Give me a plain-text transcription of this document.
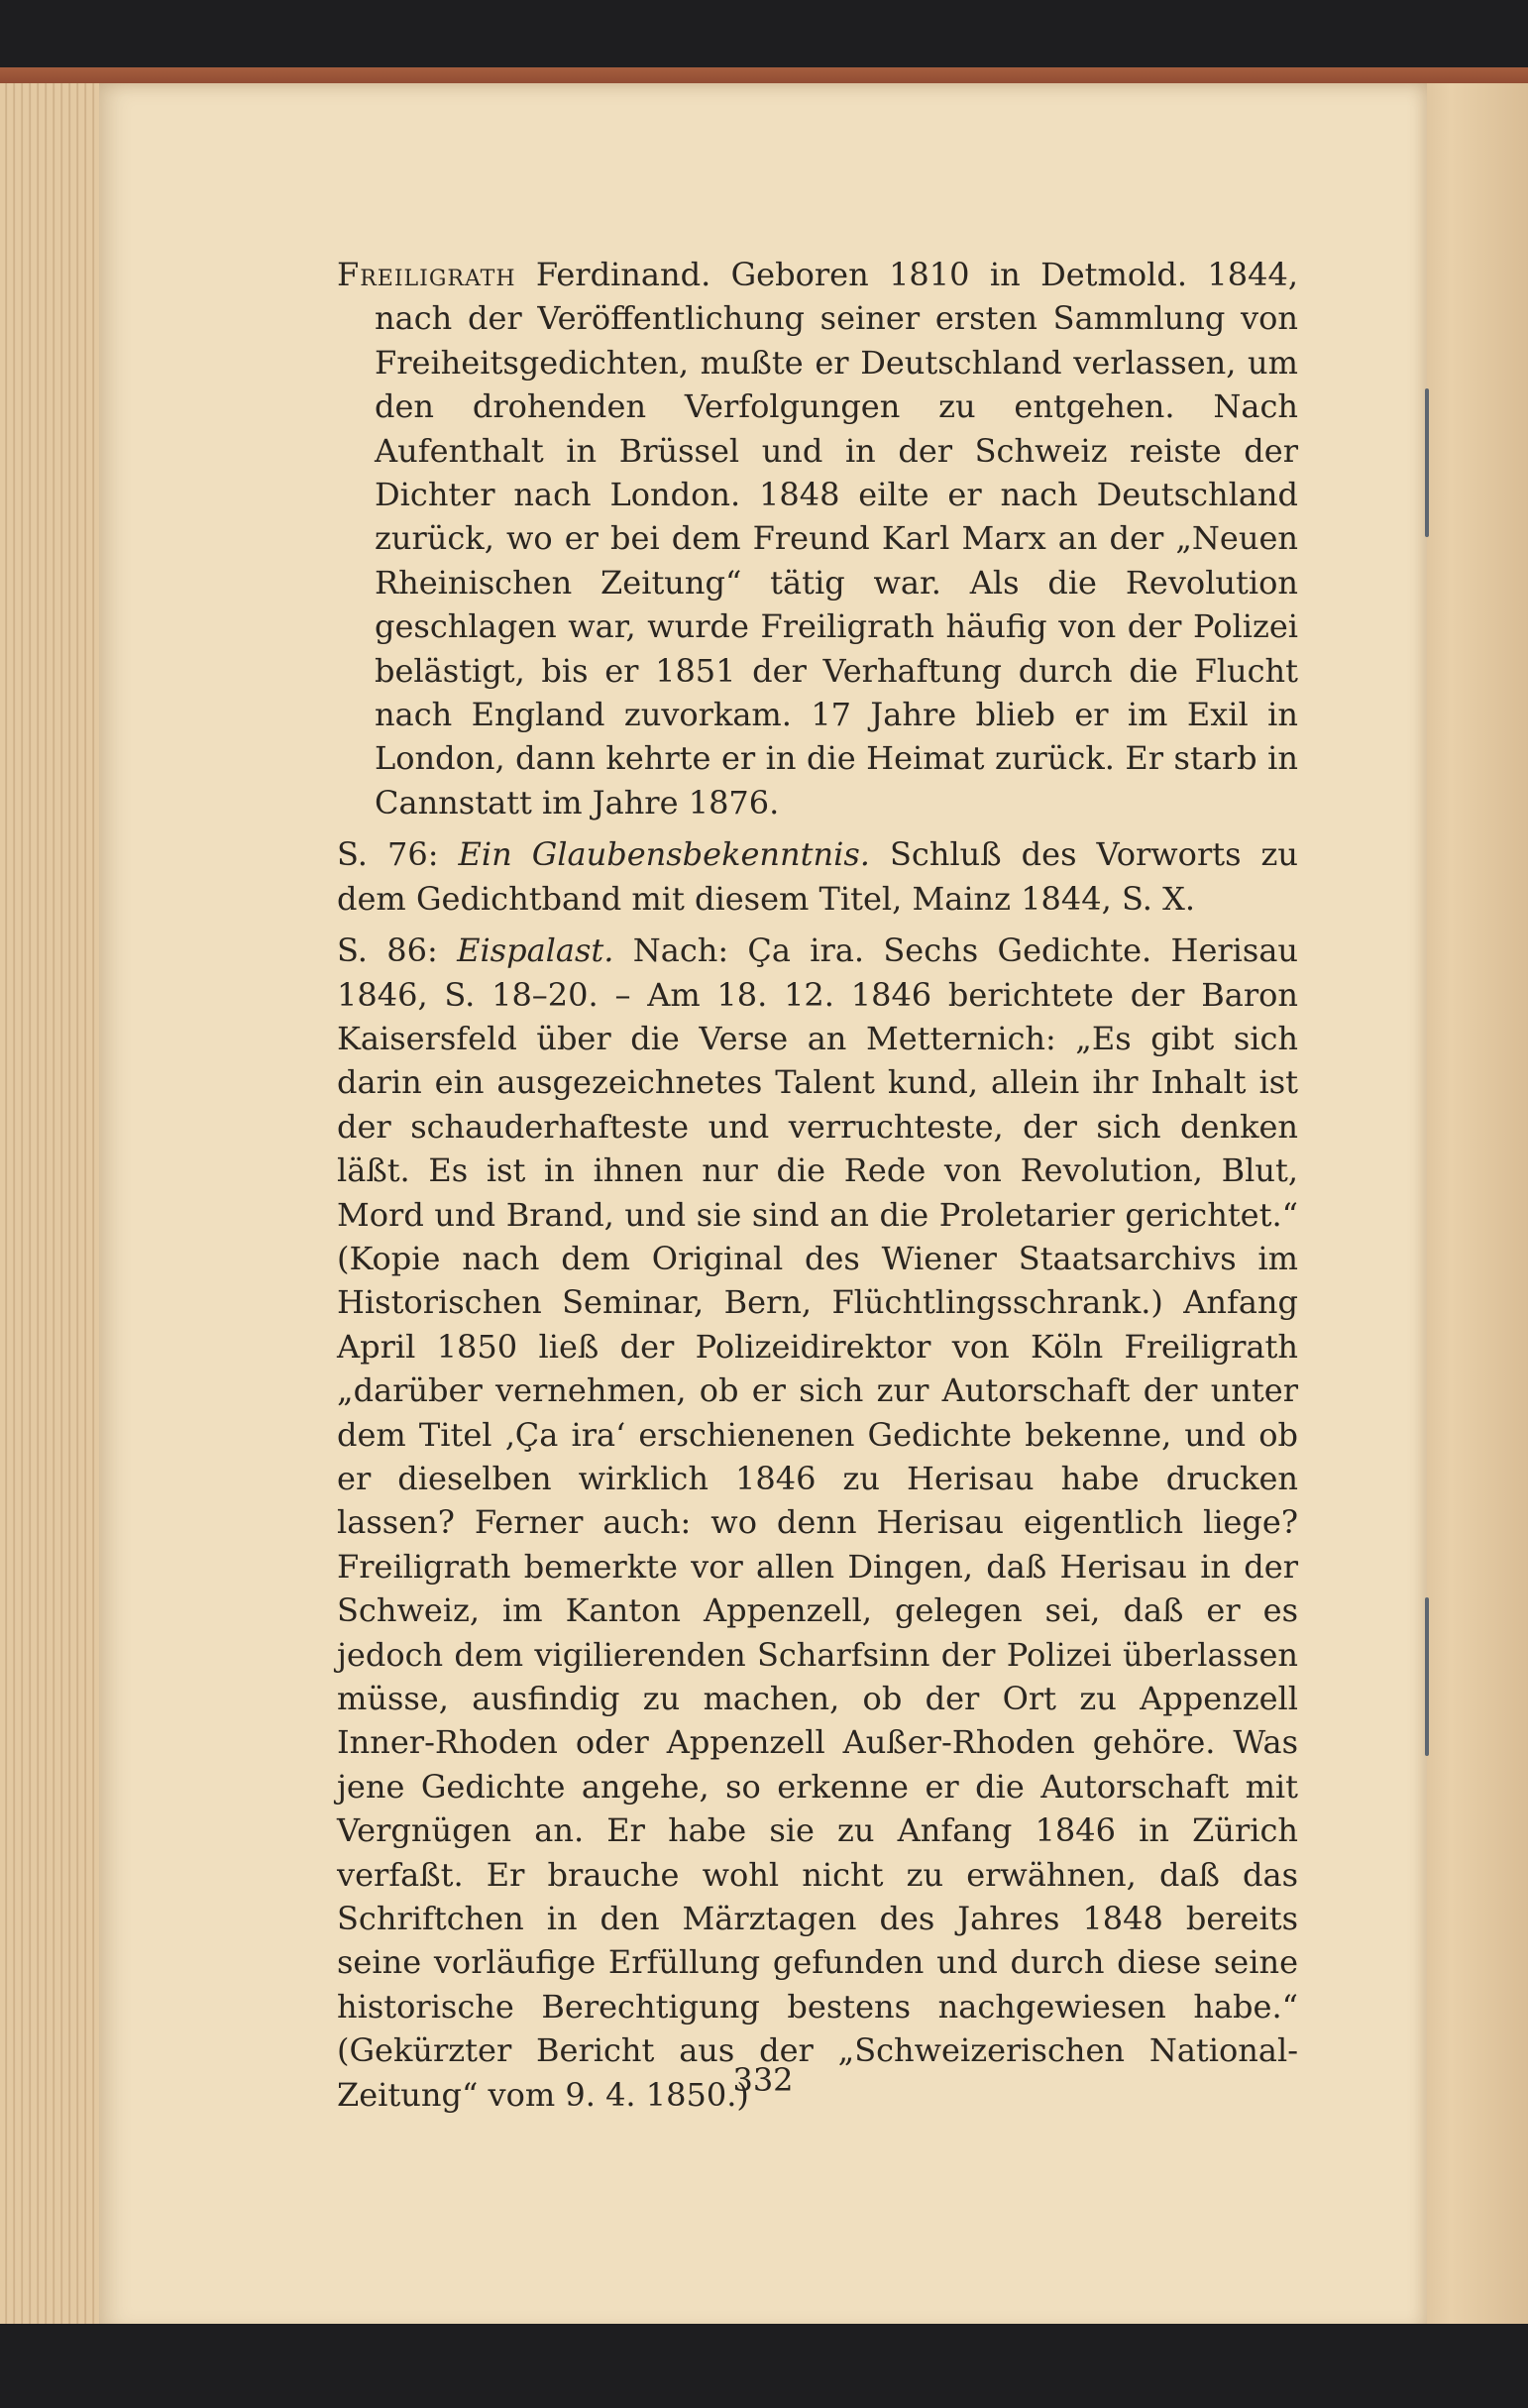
Freiligrath Ferdinand. Geboren 1810 in Detmold. 1844, nach der Veröffentlichung seiner ersten Sammlung von Freiheitsgedichten, mußte er Deutschland verlassen, um den drohenden Verfolgungen zu entgehen. Nach Aufenthalt in Brüssel und in der Schweiz reiste der Dichter nach London. 1848 eilte er nach Deutschland zurück, wo er bei dem Freund Karl Marx an der „Neuen Rheinischen Zeitung“ tätig war. Als die Revolution geschlagen war, wurde Freiligrath häufig von der Polizei belästigt, bis er 1851 der Verhaftung durch die Flucht nach England zuvorkam. 17 Jahre blieb er im Exil in London, dann kehrte er in die Heimat zurück. Er starb in Cannstatt im Jahre 1876.

S. 76: Ein Glaubensbekenntnis. Schluß des Vorworts zu dem Gedichtband mit diesem Titel, Mainz 1844, S. X.

S. 86: Eispalast. Nach: Ça ira. Sechs Gedichte. Herisau 1846, S. 18–20. – Am 18. 12. 1846 berichtete der Baron Kaisersfeld über die Verse an Metternich: „Es gibt sich darin ein ausgezeichnetes Talent kund, allein ihr Inhalt ist der schauderhafteste und verruchteste, der sich denken läßt. Es ist in ihnen nur die Rede von Revolution, Blut, Mord und Brand, und sie sind an die Proletarier gerichtet.“ (Kopie nach dem Original des Wiener Staatsarchivs im Historischen Seminar, Bern, Flüchtlingsschrank.) Anfang April 1850 ließ der Polizeidirektor von Köln Freiligrath „darüber vernehmen, ob er sich zur Autorschaft der unter dem Titel ‚Ça ira‘ erschienenen Gedichte bekenne, und ob er dieselben wirklich 1846 zu Herisau habe drucken lassen? Ferner auch: wo denn Herisau eigentlich liege? Freiligrath bemerkte vor allen Dingen, daß Herisau in der Schweiz, im Kanton Appenzell, gelegen sei, daß er es jedoch dem vigilierenden Scharfsinn der Polizei überlassen müsse, ausfindig zu machen, ob der Ort zu Appenzell Inner-Rhoden oder Appenzell Außer-Rhoden gehöre. Was jene Gedichte angehe, so erkenne er die Autorschaft mit Vergnügen an. Er habe sie zu Anfang 1846 in Zürich verfaßt. Er brauche wohl nicht zu erwähnen, daß das Schriftchen in den Märztagen des Jahres 1848 bereits seine vorläufige Erfüllung gefunden und durch diese seine historische Berechtigung bestens nachgewiesen habe.“ (Gekürzter Bericht aus der „Schweizerischen National-Zeitung“ vom 9. 4. 1850.)

332
